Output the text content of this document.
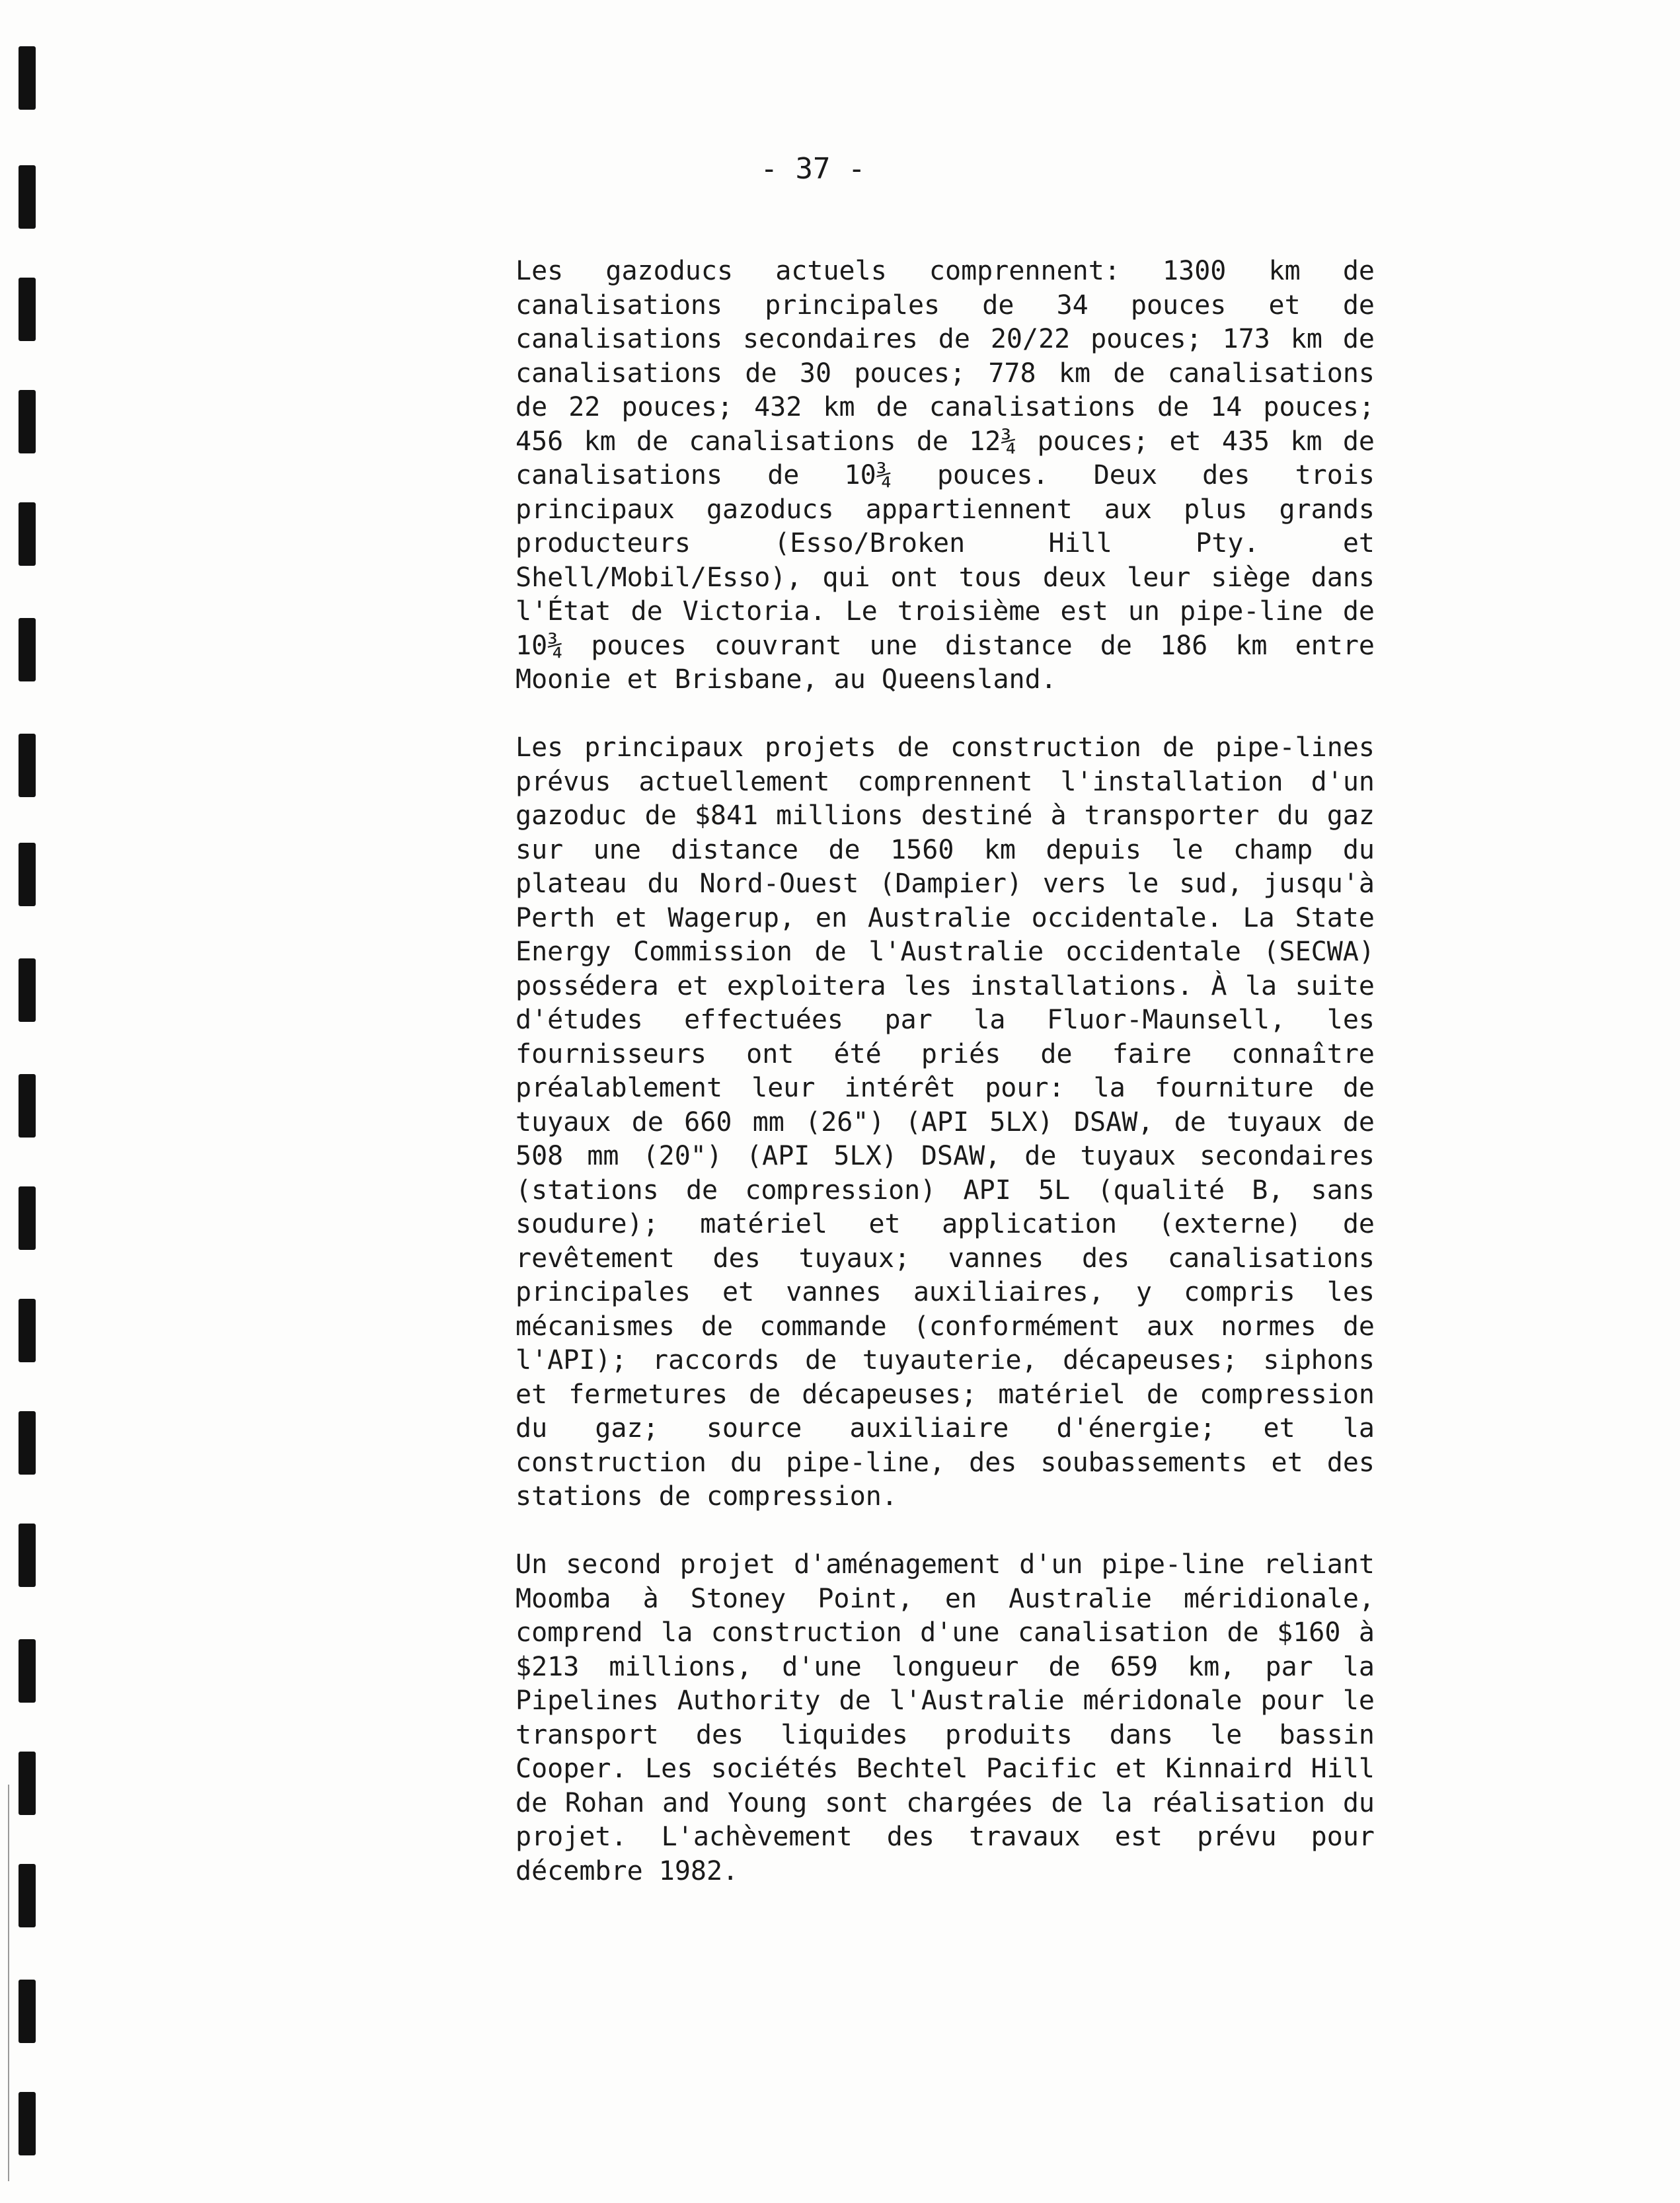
- 37 -

Les gazoducs actuels comprennent: 1300 km de canalisations principales de 34 pouces et de canalisations secondaires de 20/22 pouces; 173 km de canalisations de 30 pouces; 778 km de canalisations de 22 pouces; 432 km de canalisations de 14 pouces; 456 km de canalisations de 12¾ pouces; et 435 km de canalisations de 10¾ pouces. Deux des trois principaux gazoducs appartiennent aux plus grands producteurs (Esso/Broken Hill Pty. et Shell/Mobil/Esso), qui ont tous deux leur siège dans l'État de Victoria. Le troisième est un pipe-line de 10¾ pouces couvrant une distance de 186 km entre Moonie et Brisbane, au Queensland.

Les principaux projets de construction de pipe-lines prévus actuellement comprennent l'installation d'un gazoduc de $841 millions destiné à transporter du gaz sur une distance de 1560 km depuis le champ du plateau du Nord-Ouest (Dampier) vers le sud, jusqu'à Perth et Wagerup, en Australie occidentale. La State Energy Commission de l'Australie occidentale (SECWA) possédera et exploitera les installations. À la suite d'études effectuées par la Fluor-Maunsell, les fournisseurs ont été priés de faire connaître préalablement leur intérêt pour: la fourniture de tuyaux de 660 mm (26") (API 5LX) DSAW, de tuyaux de 508 mm (20") (API 5LX) DSAW, de tuyaux secondaires (stations de compression) API 5L (qualité B, sans soudure); matériel et application (externe) de revêtement des tuyaux; vannes des canalisations principales et vannes auxiliaires, y compris les mécanismes de commande (conformément aux normes de l'API); raccords de tuyauterie, décapeuses; siphons et fermetures de décapeuses; matériel de compression du gaz; source auxiliaire d'énergie; et la construction du pipe-line, des soubassements et des stations de compression.

Un second projet d'aménagement d'un pipe-line reliant Moomba à Stoney Point, en Australie méridionale, comprend la construction d'une canalisation de $160 à $213 millions, d'une longueur de 659 km, par la Pipelines Authority de l'Australie méridonale pour le transport des liquides produits dans le bassin Cooper. Les sociétés Bechtel Pacific et Kinnaird Hill de Rohan and Young sont chargées de la réalisation du projet. L'achèvement des travaux est prévu pour décembre 1982.
